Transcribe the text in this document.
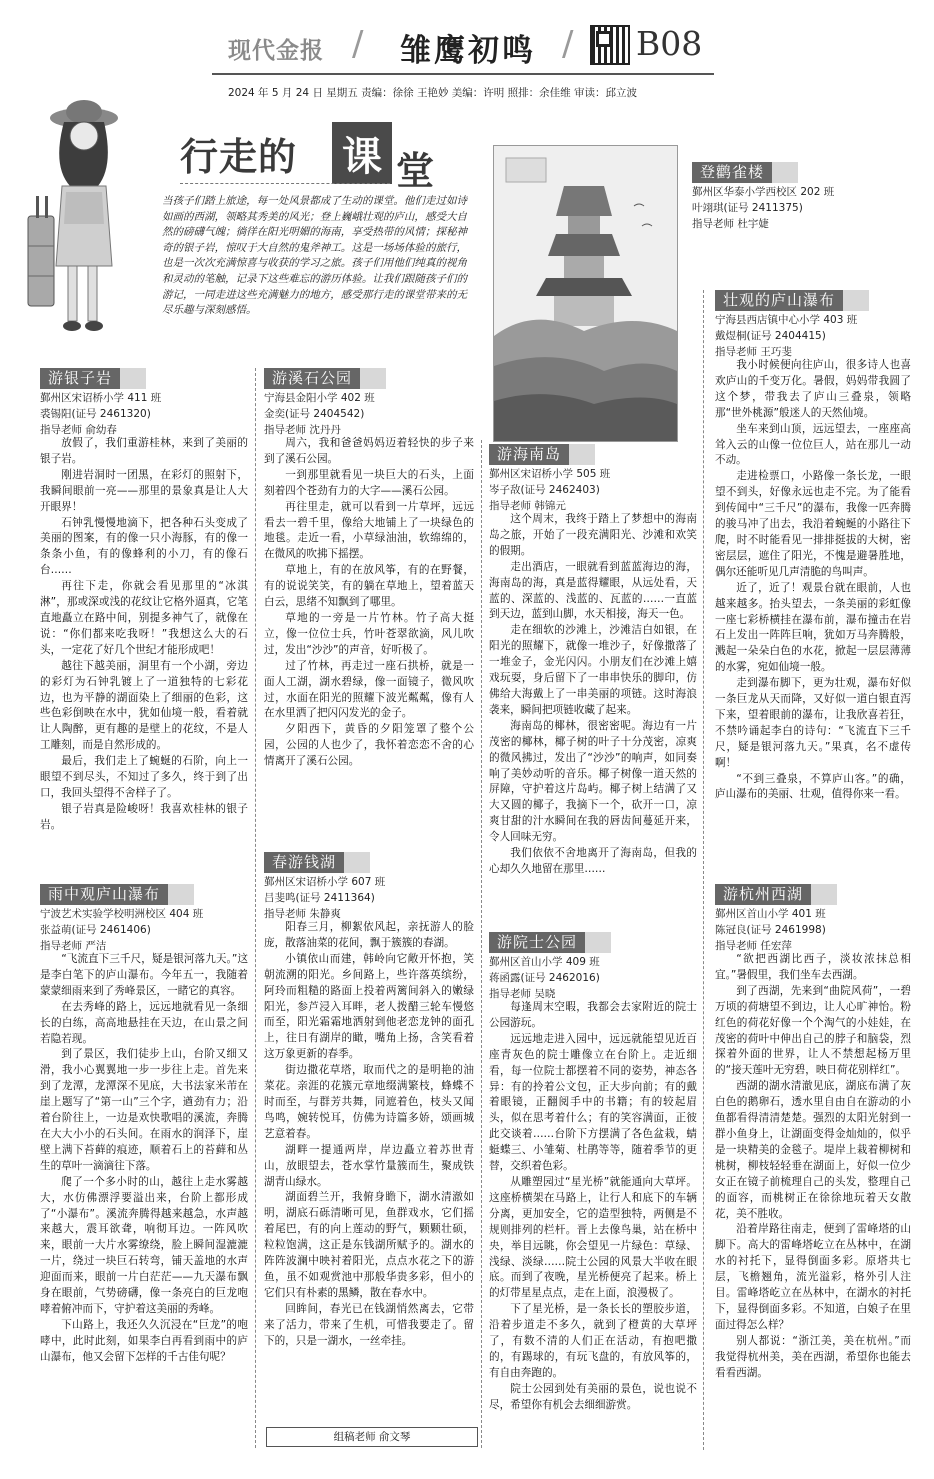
现代金报 / 雏鹰初鸣 / B08
2024 年 5 月 24 日 星期五 责编：徐徐 王艳妙 美编：许明 照排：余佳维 审读：邱立波
行走的 课 堂
当孩子们踏上旅途，每一处风景都成了生动的课堂。他们走过如诗如画的西湖，领略其秀美的风光；登上巍峨壮观的庐山，感受大自然的磅礴气魄；徜徉在阳光明媚的海南，享受热带的风情；探秘神奇的银子岩，惊叹于大自然的鬼斧神工。这是一场场体验的旅行，也是一次次充满惊喜与收获的学习之旅。孩子们用他们纯真的视角和灵动的笔触，记录下这些难忘的游历体验。让我们跟随孩子们的游记，一同走进这些充满魅力的地方，感受那行走的课堂带来的无尽乐趣与深刻感悟。
游银子岩
鄞州区宋诏桥小学 411 班
裘锡阳(证号 2461320)
指导老师 俞幼春

放假了，我们重游桂林，来到了美丽的银子岩。

刚进岩洞时一团黑，在彩灯的照射下，我瞬间眼前一亮——那里的景象真是让人大开眼界！

石钟乳慢慢地滴下，把各种石头变成了美丽的图案，有的像一只小海豚，有的像一条条小鱼，有的像蜂利的小刀，有的像石台……

再往下走，你就会看见那里的“冰淇淋”，那或深或浅的花纹让它格外逼真，它笔直地矗立在路中间，别提多神气了，就像在说：“你们都来吃我呀！”我想这么大的石头，一定花了好几个世纪才能形成吧！

越往下越美丽，洞里有一个小湖，旁边的彩灯为石钟乳镀上了一道独特的七彩花边，也为平静的湖面染上了细丽的色彩，这些色彩倒映在水中，犹如仙境一般，看着就让人陶醉，更有趣的是壁上的花纹，不是人工雕刻，而是自然形成的。

最后，我们走上了蜿蜒的石阶，向上一眼望不到尽头，不知过了多久，终于到了出口，我回头望得不舍样子了。

银子岩真是险峻呀！我喜欢桂林的银子岩。

雨中观庐山瀑布
宁波艺术实验学校明洲校区 404 班
张益萌(证号 2461406)
指导老师 严洁

“飞流直下三千尺，疑是银河落九天。”这是李白笔下的庐山瀑布。今年五一，我随着蒙蒙细雨来到了秀峰景区，一睹它的真容。

在去秀峰的路上，远远地就看见一条细长的白练，高高地悬挂在天边，在山景之间若隐若现。

到了景区，我们徒步上山，台阶又细又滑，我小心翼翼地一步一步往上走。首先来到了龙潭，龙潭深不见底，大书法家米芾在崖上题写了“第一山”三个字，遒劲有力；沿着台阶往上，一边是欢快歌唱的溪流，奔腾在大大小小的石头间。在雨水的润泽下，崖壁上满下苔藓的痕迹，顺着石上的苔藓和丛生的草叶一滴滴往下落。

爬了一个多小时的山，越往上走水雾越大，水仿佛漂浮要溢出来，台阶上都形成了“小瀑布”。溪流奔腾得越来越急，水声越来越大，震耳欲聋，响彻耳边。一阵风吹来，眼前一大片水雾缭绕，脸上瞬间湿漉漉一片，绕过一块巨石转弯，铺天盖地的水声迎面而来，眼前一片白茫茫——九天瀑布飘身在眼前，气势磅礴，像一条亮白的巨龙咆哮着俯冲而下，守护着这美丽的秀峰。

下山路上，我还久久沉浸在“巨龙”的咆哮中，此时此刻，如果李白再看到雨中的庐山瀑布，他又会留下怎样的千古佳句呢？

游溪石公园
宁海县金阳小学 402 班
金奕(证号 2404542)
指导老师 沈丹丹

周六，我和爸爸妈妈迈着轻快的步子来到了溪石公园。

一到那里就看见一块巨大的石头，上面刻着四个苍劲有力的大字——溪石公园。

再往里走，就可以看到一片草坪，远远看去一碧千里，像给大地铺上了一块绿色的地毯。走近一看，小草绿油油，软绵绵的，在微风的吹拂下摇摆。

草地上，有的在放风筝，有的在野餐，有的说说笑笑，有的躺在草地上，望着蓝天白云，思绪不知飘到了哪里。

草地的一旁是一片竹林。竹子高大挺立，像一位位士兵，竹叶苍翠欲滴，风儿吹过，发出“沙沙”的声音，好听极了。

过了竹林，再走过一座石拱桥，就是一面人工湖，湖水碧绿，像一面镜子，微风吹过，水面在阳光的照耀下波光粼粼，像有人在水里洒了把闪闪发光的金子。

夕阳西下，黄昏的夕阳笼罩了整个公园，公园的人也少了，我怀着恋恋不舍的心情离开了溪石公园。

春游钱湖
鄞州区宋诏桥小学 607 班
吕斐鸣(证号 2411364)
指导老师 朱静爽

阳春三月，柳絮依风起，亲抚游人的脸庞，散落油菜的花间，飘于簇簇的春湖。

小镇依山而建，韩岭向它敞开怀抱，笑朝流溯的阳光。乡间路上，些许落英缤纷，阿玲而粗糙的路面上投着两篱间斜入的嫩绿阳光，参芦浸入耳畔，老人拨醋三轮车慢悠而至，阳光霜霜地洒射到他老恋龙钟的面孔上，往日有湖岸的瞰，嘴角上扬，含笑看着这万象更新的春季。

街边撒花草塔，取而代之的是明艳的油菜花。亲涯的花簇元章地缀满繁枝，蜂蝶不时而至，与群芳共舞，同遮着色，枝头又闻鸟鸣，婉转悦耳，仿佛为诗篇多娇，颂画城艺意着春。

湖畔一提通两岸，岸边矗立着苏世青山，放眼望去，苍水掌竹量簇而生，聚成铁湖青山绿水。

湖面碧兰开，我俯身瞻下，湖水清澈如明，湖底石砾清晰可见，鱼群戏水，它们摇着尾巴，有的向上莲动的野气，颗颗壮硕，粒粒饱满，这正是东钱湖所赋予的。湖水的阵阵波澜中映衬着阳光，点点水花之下的游鱼，虽不如观赏池中那般华贵多彩，但小的它们只有朴素的黑鳞，散在春水中。

回眸间，春光已在钱湖悄然离去，它带来了活力，带来了生机，可惜我要走了。留下的，只是一湖水，一丝牵挂。

组稿老师 俞文琴
游海南岛
鄞州区宋诏桥小学 505 班
岑子敌(证号 2462403)
指导老师 韩锦元

这个周末，我终于踏上了梦想中的海南岛之旅，开始了一段充满阳光、沙滩和欢笑的假期。

走出酒店，一眼就看到蓝蓝海边的海，海南岛的海，真是蓝得耀眼，从远处看，天蓝的、深蓝的、浅蓝的、瓦蓝的……一直蓝到天边，蓝到山脚，水天相接，海天一色。

走在细软的沙滩上，沙滩洁白如银，在阳光的照耀下，就像一堆沙子，好像撒落了一堆金子，金光闪闪。小朋友们在沙滩上嬉戏玩耍，身后留下了一串串快乐的脚印，仿佛给大海戴上了一串美丽的项链。这时海浪袭来，瞬间把项链收藏了起来。

海南岛的椰林，很密密呢。海边有一片茂密的椰林，椰子树的叶子十分茂密，凉爽的微风拂过，发出了“沙沙”的响声，如同奏响了美妙动听的音乐。椰子树像一道天然的屏障，守护着这片岛屿。椰子树上结满了又大又圆的椰子，我摘下一个，砍开一口，凉爽甘甜的汁水瞬间在我的唇齿间蔓延开来，令人回味无穷。

我们依依不舍地离开了海南岛，但我的心却久久地留在那里……

游院士公园
鄞州区首山小学 409 班
蒋函露(证号 2462016)
指导老师 吴晓

每逢周末空暇，我都会去家附近的院士公园游玩。

远远地走进入园中，远远就能望见近百座青灰色的院士雕像立在台阶上。走近细看，每一位院士都摆着不同的姿势，神态各异：有的拎着公文包，正大步向前；有的戴着眼镜，正翻阅手中的书籍；有的较起眉头，似在思考着什么；有的笑容满面，正彼此交谈着……台阶下方摆满了各色盆栽，蜻蜓蝶三、小雏菊、杜鹃等等，随着季节的更替，交织着色彩。

从雕塑园过“星光桥”就能通向大草坪。这座桥横架在马路上，让行人和底下的车辆分离，更加安全，它的造型独特，两侧是不规则排列的栏杆。晋上去像鸟巢，站在桥中央，举目远眺，你会望见一片绿色：草绿、浅绿、淡绿……院士公园的风景大半收在眼底。而到了夜晚，星光桥便亮了起来。桥上的灯带星星点点，走在上面，浪漫极了。

下了星光桥，是一条长长的塑胶步道，沿着步道走不多久，就到了橙黄的大草坪了，有数不清的人们正在活动，有抱吧撒的，有踢球的，有玩飞盘的，有放风筝的，有自由奔跑的。

院士公园到处有美丽的景色，说也说不尽，希望你有机会去细细游赏。

登鹳雀楼
鄞州区华泰小学西校区 202 班
叶翊琪(证号 2411375)
指导老师 杜宇婕
壮观的庐山瀑布
宁海县西店镇中心小学 403 班
戴煜桐(证号 2404415)
指导老师 王巧斐

我小时候便向往庐山，很多诗人也喜欢庐山的千变万化。暑假，妈妈带我圆了这个梦，带我去了庐山三叠泉，领略那“世外桃源”般迷人的天然仙境。

坐车来到山顶，远远望去，一座座高耸入云的山像一位位巨人，站在那儿一动不动。

走进检票口，小路像一条长龙，一眼望不到头，好像永远也走不完。为了能看到传闻中“三千尺”的瀑布，我像一匹奔腾的骏马冲了出去，我沿着蜿蜒的小路往下爬，时不时能看见一排排挺拔的大树，密密层层，遮住了阳光，不愧是避暑胜地，偶尔还能听见几声清脆的鸟叫声。

近了，近了！观景台就在眼前，人也越来越多。抬头望去，一条美丽的彩虹像一座七彩桥横挂在瀑布前，瀑布撞击在岩石上发出一阵阵巨响，犹如万马奔腾般，溅起一朵朵白色的水花，掀起一层层薄薄的水雾，宛如仙境一般。

走到瀑布脚下，更为壮观，瀑布好似一条巨龙从天而降，又好似一道白银直泻下来，望着眼前的瀑布，让我欣喜若狂，不禁吟诵起李白的诗句：“飞流直下三千尺，疑是银河落九天。”果真，名不虚传啊！

“不到三叠泉，不算庐山客。”的确，庐山瀑布的美丽、壮观，值得你来一看。

游杭州西湖
鄞州区首山小学 401 班
陈冠良(证号 2461998)
指导老师 任宏萍

“欲把西湖比西子，淡妆浓抹总相宜。”暑假里，我们坐车去西湖。

到了西湖，先来到“曲院风荷”，一碧万顷的荷塘望不到边，让人心旷神怡。粉红色的荷花好像一个个淘气的小娃娃，在茂密的荷叶中伸出自己的脖子和脑袋，烈探着外面的世界，让人不禁想起杨万里的“接天莲叶无穷碧，映日荷花别样红”。

西湖的湖水清澈见底，湖底布满了灰白色的鹅卵石，透水里自由自在游动的小鱼都看得清清楚楚。强烈的太阳光射到一群小鱼身上，让湖面变得金灿灿的，似乎是一块精美的金毯子。堤岸上栽着柳树和桃树，柳枝轻轻垂在湖面上，好似一位少女正在镜子前梳理自己的头发，整理自己的面容，而桃树正在徐徐地玩着天女散花，美不胜收。

沿着岸路往南走，便到了雷峰塔的山脚下。高大的雷峰塔屹立在丛林中，在湖水的衬托下，显得倒面多彩。原塔共七层，飞檐翘角，流光溢彩，格外引人注目。雷峰塔屹立在丛林中，在湖水的衬托下，显得倒面多彩。不知道，白娘子在里面过得怎么样？

别人都说：“浙江美，美在杭州。”而我觉得杭州美，美在西湖，希望你也能去看看西湖。
